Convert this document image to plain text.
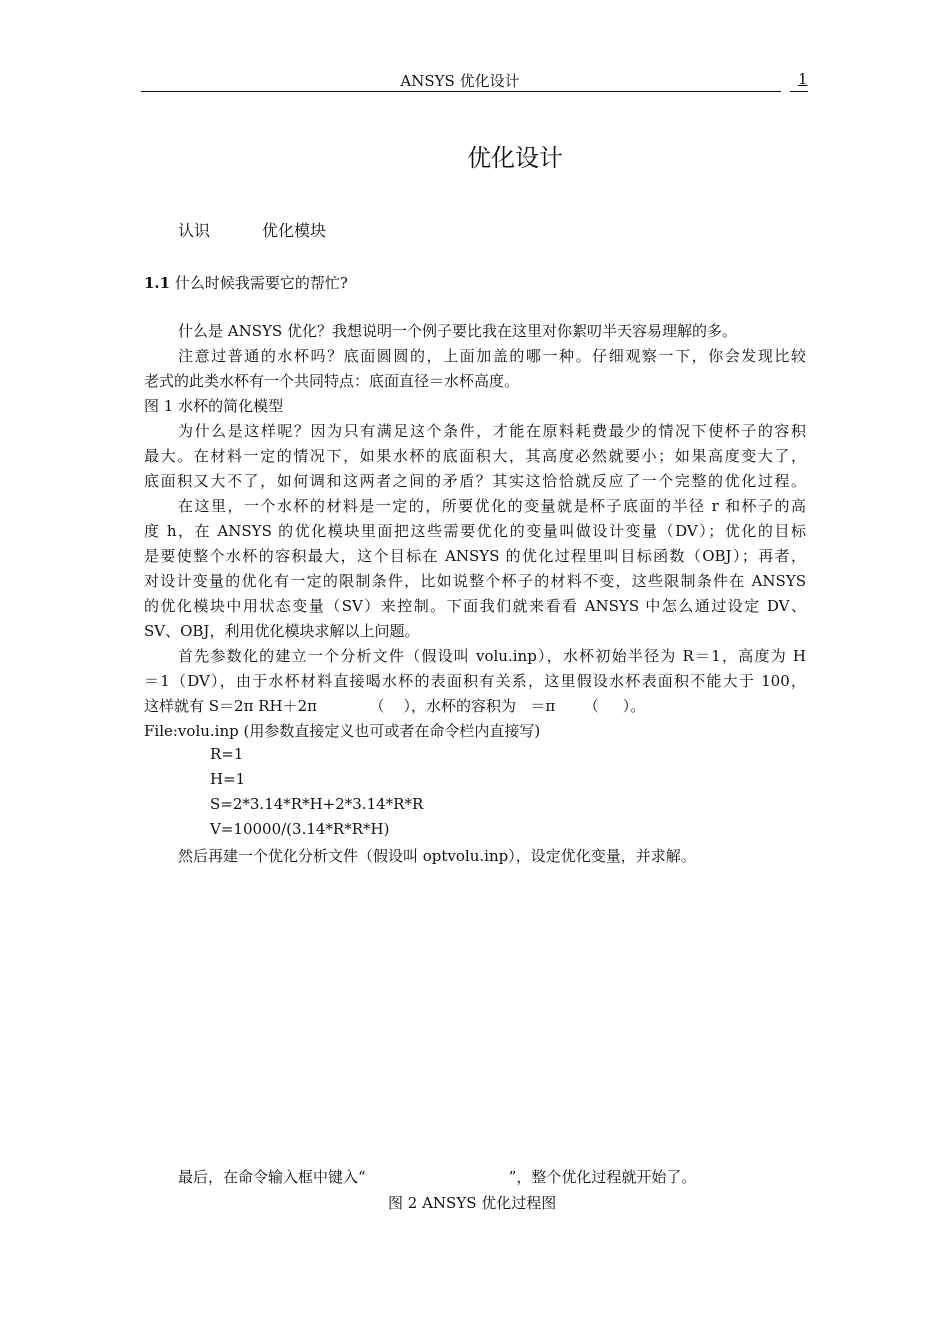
ANSYS 优化设计	1
优化设计
认识	优化模块
1.1 什么时候我需要它的帮忙?
什么是 ANSYS 优化？我想说明一个例子要比我在这里对你絮叨半天容易理解的多。
注意过普通的水杯吗？底面圆圆的，上面加盖的哪一种。仔细观察一下，你会发现比较
老式的此类水杯有一个共同特点：底面直径＝水杯高度。
图 1 水杯的简化模型
为什么是这样呢？因为只有满足这个条件，才能在原料耗费最少的情况下使杯子的容积
最大。在材料一定的情况下，如果水杯的底面积大，其高度必然就要小；如果高度变大了，
底面积又大不了，如何调和这两者之间的矛盾？其实这恰恰就反应了一个完整的优化过程。
在这里，一个水杯的材料是一定的，所要优化的变量就是杯子底面的半径 r 和杯子的高
度 h，在 ANSYS 的优化模块里面把这些需要优化的变量叫做设计变量（DV）；优化的目标
是要使整个水杯的容积最大，这个目标在 ANSYS 的优化过程里叫目标函数（OBJ）；再者，
对设计变量的优化有一定的限制条件，比如说整个杯子的材料不变，这些限制条件在 ANSYS
的优化模块中用状态变量（SV）来控制。下面我们就来看看 ANSYS 中怎么通过设定 DV、
SV、OBJ，利用优化模块求解以上问题。
首先参数化的建立一个分析文件（假设叫 volu.inp），水杯初始半径为 R＝1，高度为 H
＝1（DV），由于水杯材料直接喝水杯的表面积有关系，这里假设水杯表面积不能大于 100，
这样就有 S＝2π RH＋2π           （    ），水杯的容积为   ＝π      （     ）。
File:volu.inp (用参数直接定义也可或者在命令栏内直接写)
R=1
H=1
S=2*3.14*R*H+2*3.14*R*R
V=10000/(3.14*R*R*H)
然后再建一个优化分析文件（假设叫 optvolu.inp），设定优化变量，并求解。
最后，在命令输入框中键入“                              ”，整个优化过程就开始了。
图 2 ANSYS 优化过程图
